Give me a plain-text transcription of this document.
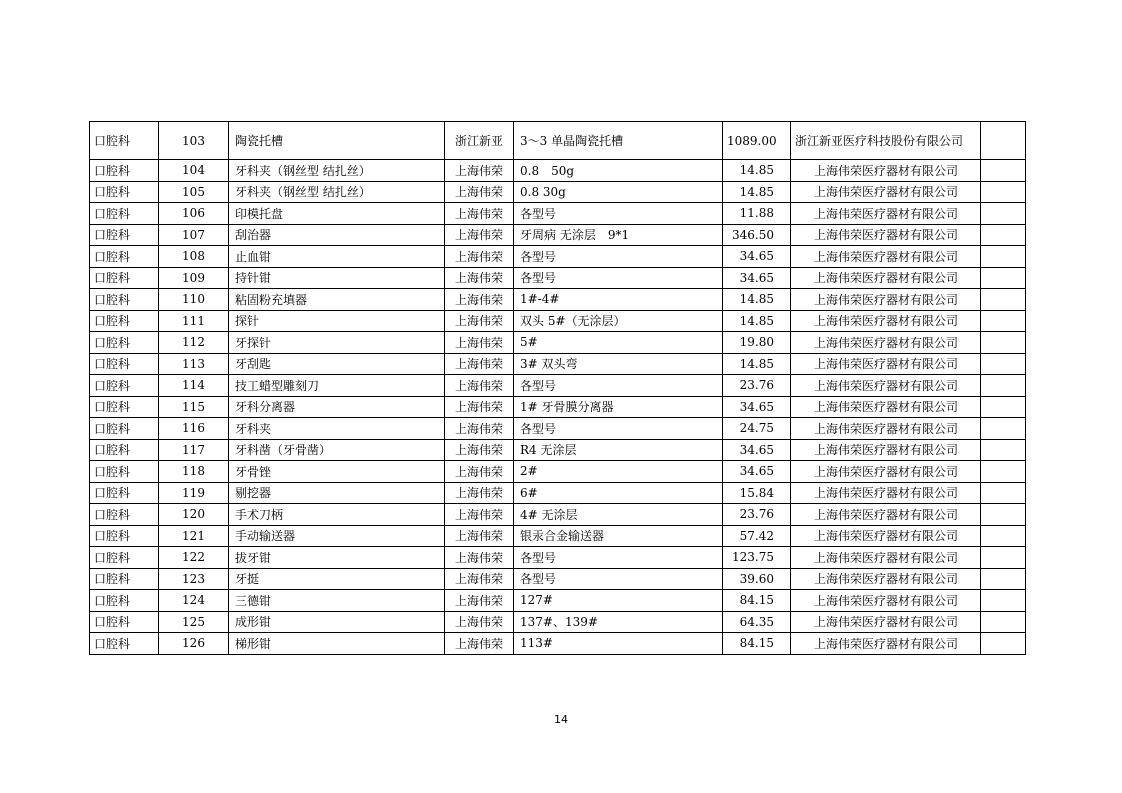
口腔科	103	陶瓷托槽	浙江新亚	3～3 单晶陶瓷托槽	1089.00	浙江新亚医疗科技股份有限公司	
口腔科	104	牙科夹（钢丝型 结扎丝）	上海伟荣	0.8　50g	14.85	上海伟荣医疗器材有限公司	
口腔科	105	牙科夹（钢丝型 结扎丝）	上海伟荣	0.8 30g	14.85	上海伟荣医疗器材有限公司	
口腔科	106	印模托盘	上海伟荣	各型号	11.88	上海伟荣医疗器材有限公司	
口腔科	107	刮治器	上海伟荣	牙周病 无涂层　9*1	346.50	上海伟荣医疗器材有限公司	
口腔科	108	止血钳	上海伟荣	各型号	34.65	上海伟荣医疗器材有限公司	
口腔科	109	持针钳	上海伟荣	各型号	34.65	上海伟荣医疗器材有限公司	
口腔科	110	粘固粉充填器	上海伟荣	1#-4#	14.85	上海伟荣医疗器材有限公司	
口腔科	111	探针	上海伟荣	双头 5#（无涂层）	14.85	上海伟荣医疗器材有限公司	
口腔科	112	牙探针	上海伟荣	5#	19.80	上海伟荣医疗器材有限公司	
口腔科	113	牙刮匙	上海伟荣	3# 双头弯	14.85	上海伟荣医疗器材有限公司	
口腔科	114	技工蜡型雕刻刀	上海伟荣	各型号	23.76	上海伟荣医疗器材有限公司	
口腔科	115	牙科分离器	上海伟荣	1# 牙骨膜分离器	34.65	上海伟荣医疗器材有限公司	
口腔科	116	牙科夹	上海伟荣	各型号	24.75	上海伟荣医疗器材有限公司	
口腔科	117	牙科凿（牙骨凿）	上海伟荣	R4 无涂层	34.65	上海伟荣医疗器材有限公司	
口腔科	118	牙骨锉	上海伟荣	2#	34.65	上海伟荣医疗器材有限公司	
口腔科	119	剔挖器	上海伟荣	6#	15.84	上海伟荣医疗器材有限公司	
口腔科	120	手术刀柄	上海伟荣	4# 无涂层	23.76	上海伟荣医疗器材有限公司	
口腔科	121	手动输送器	上海伟荣	银汞合金输送器	57.42	上海伟荣医疗器材有限公司	
口腔科	122	拔牙钳	上海伟荣	各型号	123.75	上海伟荣医疗器材有限公司	
口腔科	123	牙挺	上海伟荣	各型号	39.60	上海伟荣医疗器材有限公司	
口腔科	124	三德钳	上海伟荣	127#	84.15	上海伟荣医疗器材有限公司	
口腔科	125	成形钳	上海伟荣	137#、139#	64.35	上海伟荣医疗器材有限公司	
口腔科	126	梯形钳	上海伟荣	113#	84.15	上海伟荣医疗器材有限公司	
14
